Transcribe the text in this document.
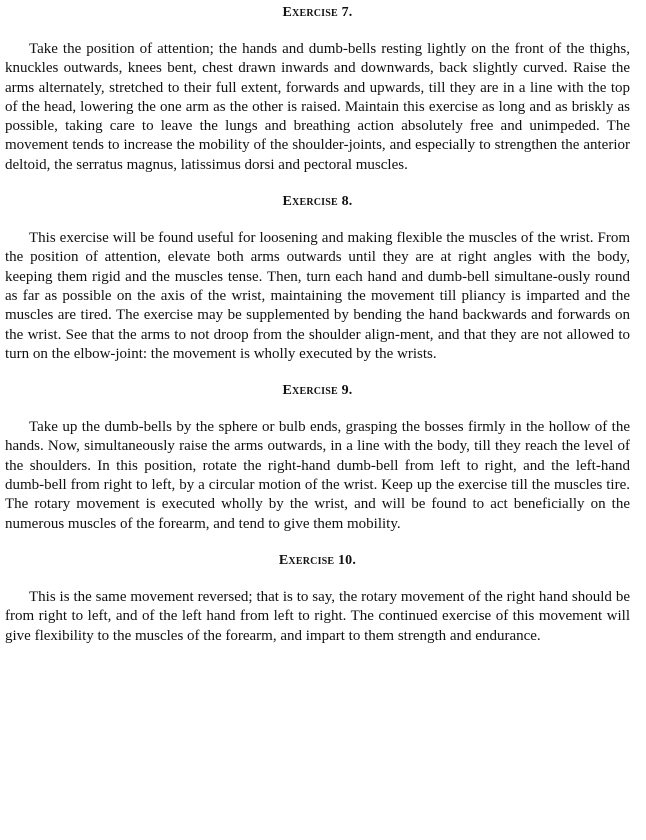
Exercise 7.

Take the position of attention; the hands and dumb-bells resting lightly on the front of the thighs, knuckles outwards, knees bent, chest drawn inwards and downwards, back slightly curved. Raise the arms alternately, stretched to their full extent, forwards and upwards, till they are in a line with the top of the head, lowering the one arm as the other is raised. Maintain this exercise as long and as briskly as possible, taking care to leave the lungs and breathing action absolutely free and unimpeded. The movement tends to increase the mobility of the shoulder-joints, and especially to strengthen the anterior deltoid, the serratus magnus, latissimus dorsi and pectoral muscles.

Exercise 8.

This exercise will be found useful for loosening and making flexible the muscles of the wrist. From the position of attention, elevate both arms outwards until they are at right angles with the body, keeping them rigid and the muscles tense. Then, turn each hand and dumb-bell simultane-ously round as far as possible on the axis of the wrist, maintaining the movement till pliancy is imparted and the muscles are tired. The exercise may be supplemented by bending the hand backwards and forwards on the wrist. See that the arms to not droop from the shoulder align-ment, and that they are not allowed to turn on the elbow-joint: the movement is wholly executed by the wrists.

Exercise 9.

Take up the dumb-bells by the sphere or bulb ends, grasping the bosses firmly in the hollow of the hands. Now, simultaneously raise the arms outwards, in a line with the body, till they reach the level of the shoulders. In this position, rotate the right-hand dumb-bell from left to right, and the left-hand dumb-bell from right to left, by a circular motion of the wrist. Keep up the exercise till the muscles tire. The rotary movement is executed wholly by the wrist, and will be found to act beneficially on the numerous muscles of the forearm, and tend to give them mobility.

Exercise 10.

This is the same movement reversed; that is to say, the rotary movement of the right hand should be from right to left, and of the left hand from left to right. The continued exercise of this movement will give flexibility to the muscles of the forearm, and impart to them strength and endurance.
